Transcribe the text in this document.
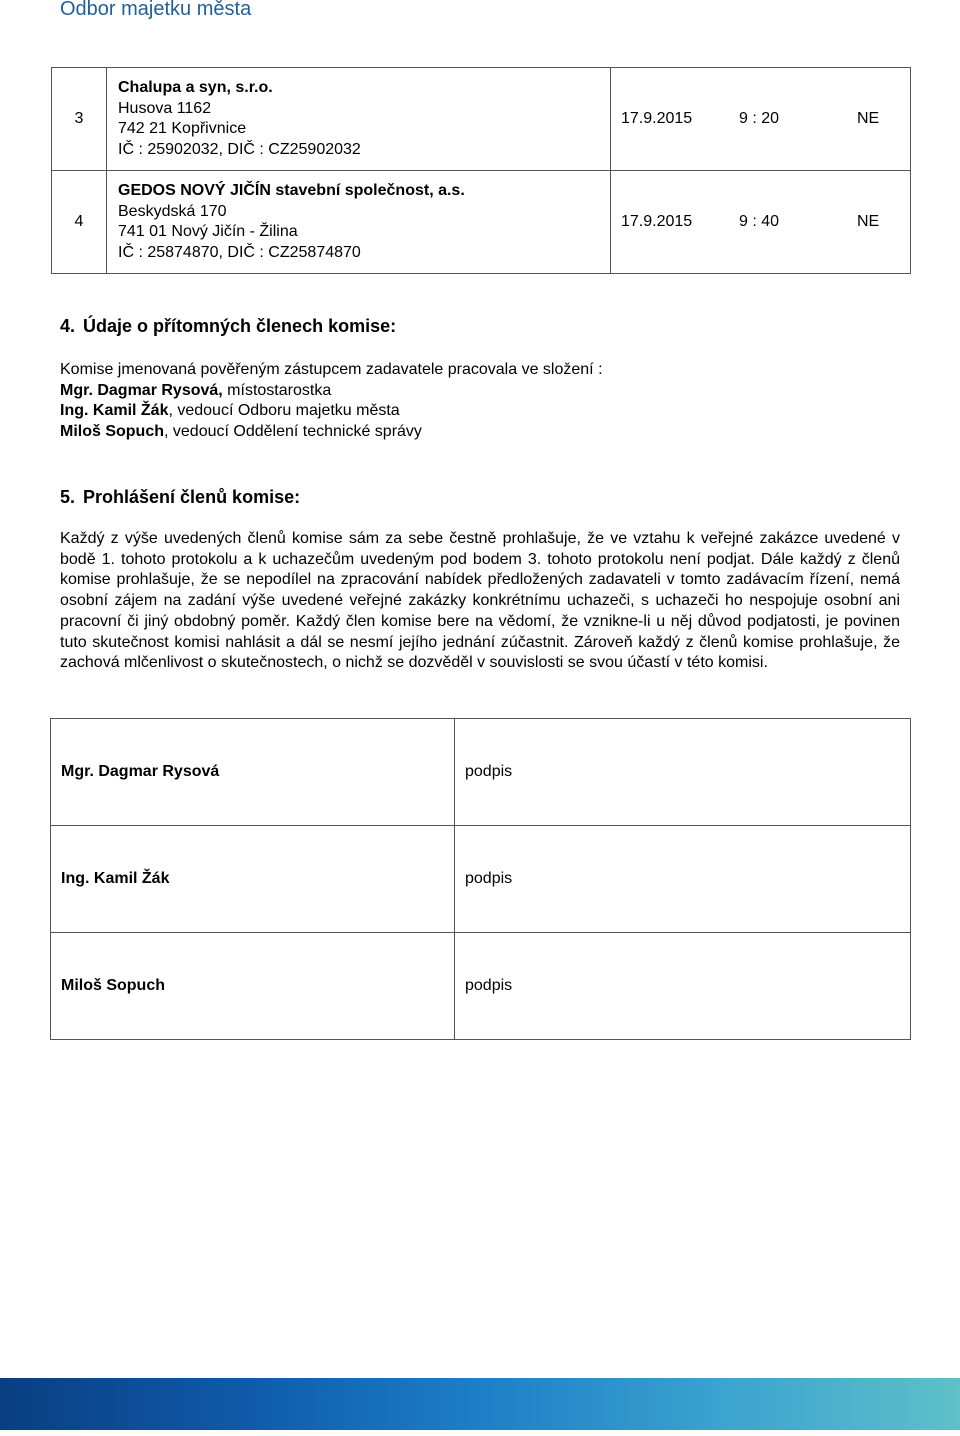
Odbor majetku města
3	Chalupa a syn, s.r.o.
Husova 1162
742 21 Kopřivnice
IČ : 25902032, DIČ : CZ25902032	17.9.2015 9 : 20 NE

4	GEDOS NOVÝ JIČÍN stavební společnost, a.s.
Beskydská 170
741 01 Nový Jičín - Žilina
IČ : 25874870, DIČ : CZ25874870	17.9.2015 9 : 40 NE
4. Údaje o přítomných členech komise:
Komise jmenovaná pověřeným zástupcem zadavatele pracovala ve složení :
Mgr. Dagmar Rysová, místostarostka
Ing. Kamil Žák, vedoucí Odboru majetku města
Miloš Sopuch, vedoucí Oddělení technické správy
5. Prohlášení členů komise:
Každý z výše uvedených členů komise sám za sebe čestně prohlašuje, že ve vztahu k veřejné zakázce uvedené v bodě 1. tohoto protokolu a k uchazečům uvedeným pod bodem 3. tohoto protokolu není podjat. Dále každý z členů komise prohlašuje, že se nepodílel na zpracování nabídek předložených zadavateli v tomto zadávacím řízení, nemá osobní zájem na zadání výše uvedené veřejné zakázky konkrétnímu uchazeči, s uchazeči ho nespojuje osobní ani pracovní či jiný obdobný poměr. Každý člen komise bere na vědomí, že vznikne-li u něj důvod podjatosti, je povinen tuto skutečnost komisi nahlásit a dál se nesmí jejího jednání zúčastnit. Zároveň každý z členů komise prohlašuje, že zachová mlčenlivost o skutečnostech, o nichž se dozvěděl v souvislosti se svou účastí v této komisi.
Mgr. Dagmar Rysová	podpis
Ing. Kamil Žák	podpis
Miloš Sopuch	podpis
